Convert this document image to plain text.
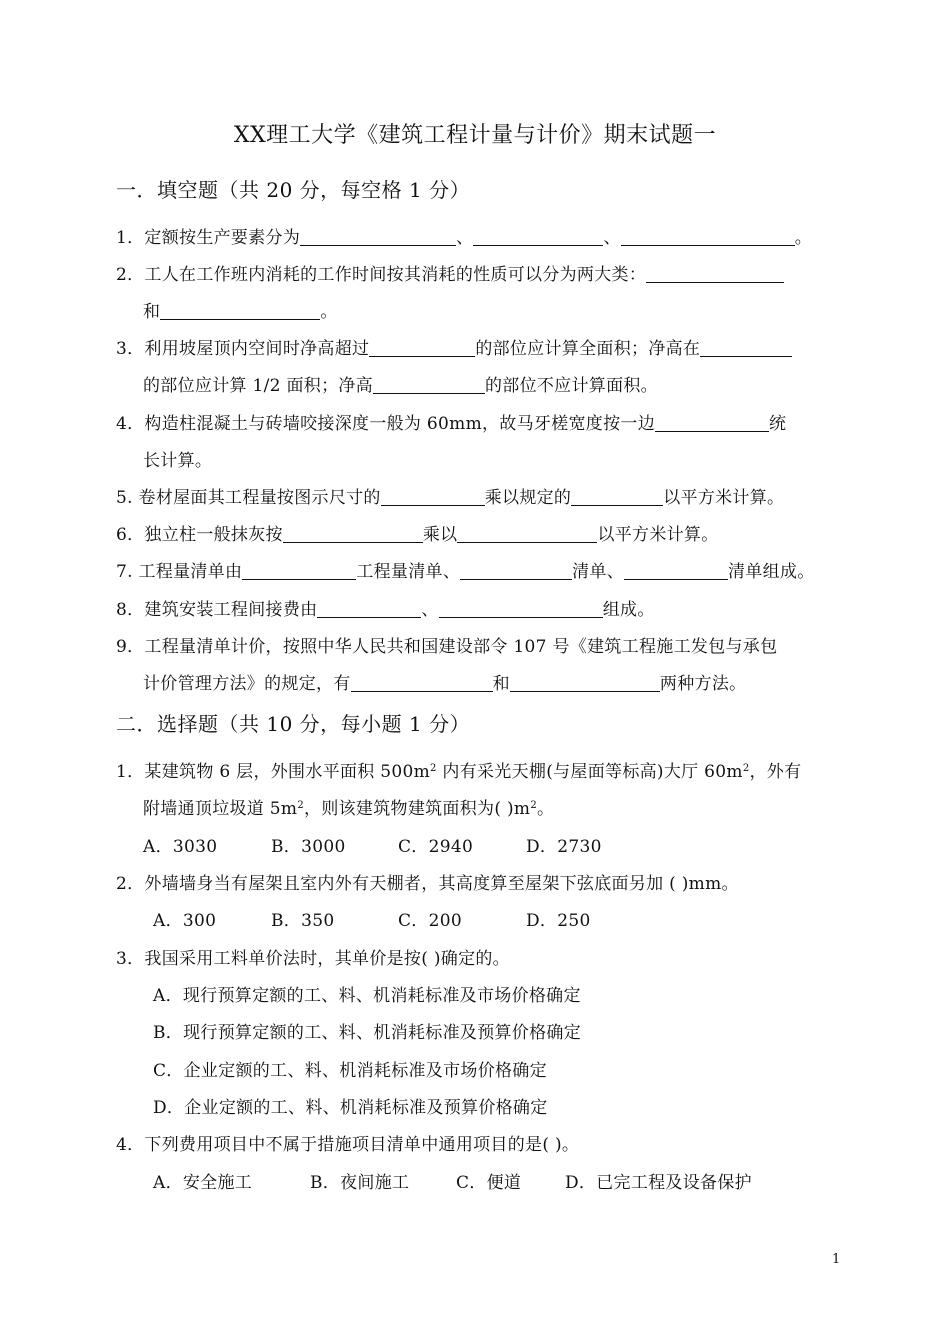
XX理工大学《建筑工程计量与计价》期末试题一
一．填空题（共 20 分，每空格 1 分）
1．定额按生产要素分为	、	、	。
2．工人在工作班内消耗的工作时间按其消耗的性质可以分为两大类：
和	。
3．利用坡屋顶内空间时净高超过	的部位应计算全面积；净高在
的部位应计算 1/2 面积；净高	的部位不应计算面积。
4．构造柱混凝土与砖墙咬接深度一般为 60mm，故马牙槎宽度按一边	统
长计算。
5. 卷材屋面其工程量按图示尺寸的	乘以规定的	以平方米计算。
6．独立柱一般抹灰按	乘以	以平方米计算。
7. 工程量清单由	工程量清单、	清单、	清单组成。
8．建筑安装工程间接费由	、	组成。
9．工程量清单计价，按照中华人民共和国建设部令 107 号《建筑工程施工发包与承包
计价管理方法》的规定，有	和	两种方法。
二．选择题（共 10 分，每小题 1 分）
1．某建筑物 6 层，外围水平面积 $500m^2$ 内有采光天棚(与屋面等标高)大厅 $60m^2$，外有
附墙通顶垃圾道 $5m^2$，则该建筑物建筑面积为( )$m^2$。
A．3030	B．3000	C．2940	D．2730
2．外墙墙身当有屋架且室内外有天棚者，其高度算至屋架下弦底面另加 ( )mm。
A．300	B．350	C．200	D．250
3．我国采用工料单价法时，其单价是按( )确定的。
A．现行预算定额的工、料、机消耗标准及市场价格确定
B．现行预算定额的工、料、机消耗标准及预算价格确定
C．企业定额的工、料、机消耗标准及市场价格确定
D．企业定额的工、料、机消耗标准及预算价格确定
4．下列费用项目中不属于措施项目清单中通用项目的是( )。
A．安全施工	B．夜间施工	C．便道	D．已完工程及设备保护
1
